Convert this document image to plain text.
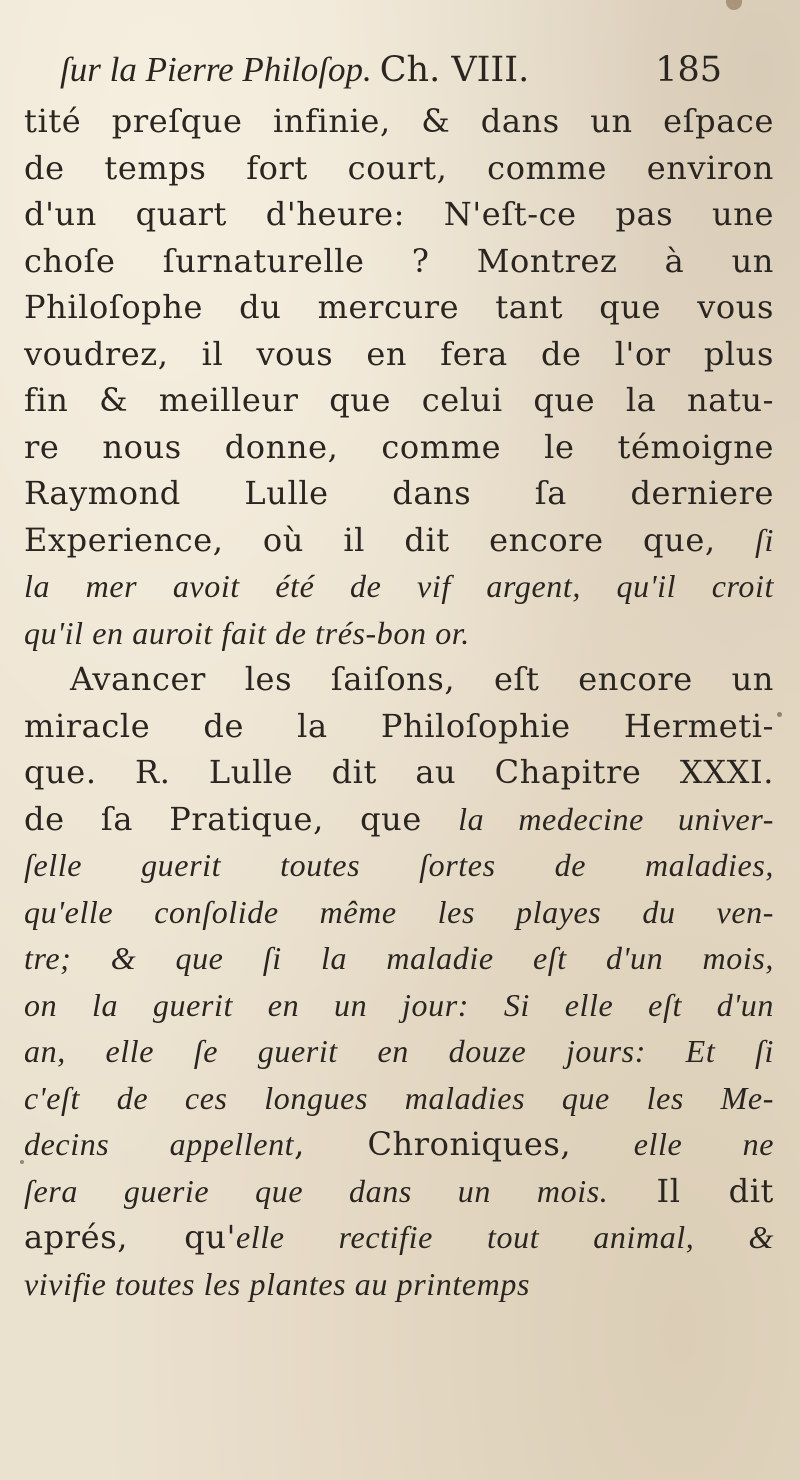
ſur la Pierre Philoſop. Ch. VIII.	185
tité preſque infinie, & dans un eſpace
de temps fort court, comme environ
d'un quart d'heure: N'eſt-ce pas une
choſe ſurnaturelle ? Montrez à un
Philoſophe du mercure tant que vous
voudrez, il vous en fera de l'or plus
fin & meilleur que celui que la natu-
re nous donne, comme le témoigne
Raymond Lulle dans ſa derniere
Experience, où il dit encore que, ſi
la mer avoit été de vif argent, qu'il croit
qu'il en auroit fait de trés-bon or.
Avancer les ſaiſons, eſt encore un
miracle de la Philoſophie Hermeti-
que. R. Lulle dit au Chapitre XXXI.
de ſa Pratique, que la medecine univer-
ſelle guerit toutes ſortes de maladies,
qu'elle conſolide même les playes du ven-
tre; & que ſi la maladie eſt d'un mois,
on la guerit en un jour: Si elle eſt d'un
an, elle ſe guerit en douze jours: Et ſi
c'eſt de ces longues maladies que les Me-
decins appellent, Chroniques, elle ne
ſera guerie que dans un mois. Il dit
aprés, qu'elle rectifie tout animal, &
vivifie toutes les plantes au printemps
